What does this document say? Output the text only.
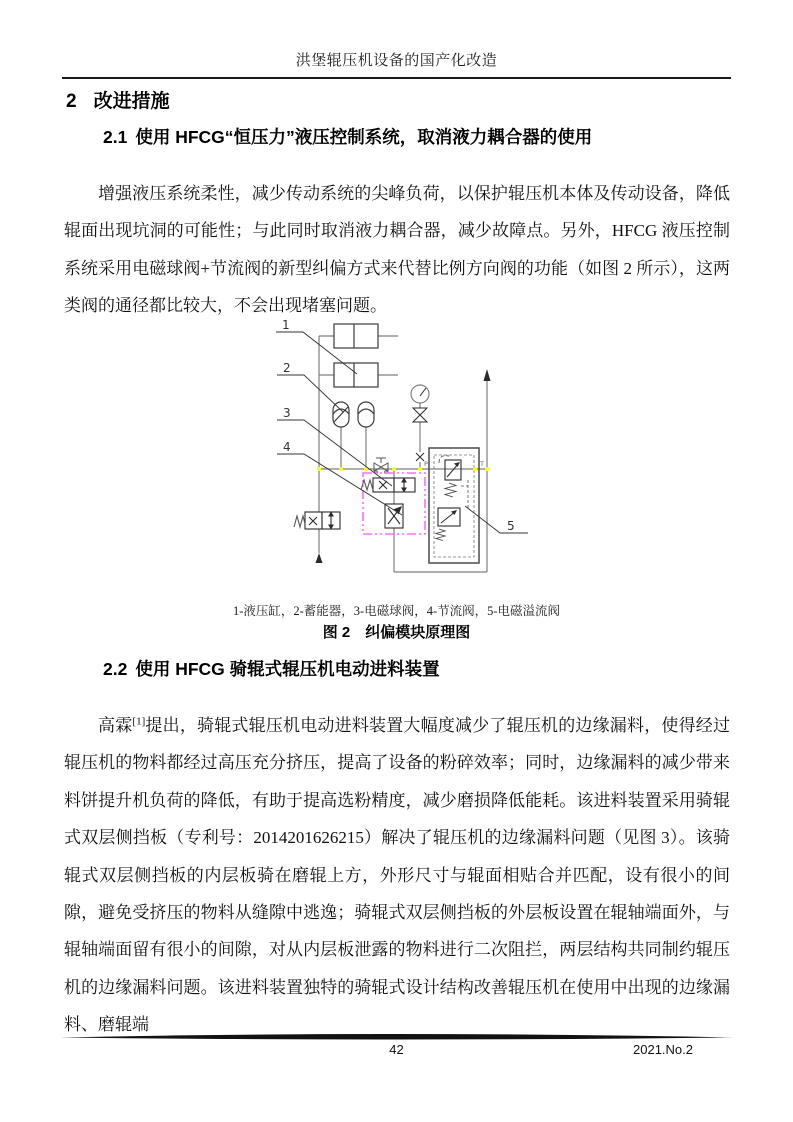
洪堡辊压机设备的国产化改造
2 改进措施
2.1 使用 HFCG“恒压力”液压控制系统，取消液力耦合器的使用

增强液压系统柔性，减少传动系统的尖峰负荷，以保护辊压机本体及传动设备，降低辊面出现坑洞的可能性；与此同时取消液力耦合器，减少故障点。另外，HFCG 液压控制系统采用电磁球阀+节流阀的新型纠偏方式来代替比例方向阀的功能（如图 2 所示），这两类阀的通径都比较大，不会出现堵塞问题。

1
2
3
4
5
P	T
1-液压缸，2-蓄能器，3-电磁球阀，4-节流阀，5-电磁溢流阀
图 2　纠偏模块原理图
2.2 使用 HFCG 骑辊式辊压机电动进料装置

高霖[1]提出，骑辊式辊压机电动进料装置大幅度减少了辊压机的边缘漏料，使得经过辊压机的物料都经过高压充分挤压，提高了设备的粉碎效率；同时，边缘漏料的减少带来料饼提升机负荷的降低，有助于提高选粉精度，减少磨损降低能耗。该进料装置采用骑辊式双层侧挡板（专利号：2014201626215）解决了辊压机的边缘漏料问题（见图 3）。该骑辊式双层侧挡板的内层板骑在磨辊上方，外形尺寸与辊面相贴合并匹配，设有很小的间隙，避免受挤压的物料从缝隙中逃逸；骑辊式双层侧挡板的外层板设置在辊轴端面外，与辊轴端面留有很小的间隙，对从内层板泄露的物料进行二次阻拦，两层结构共同制约辊压机的边缘漏料问题。该进料装置独特的骑辊式设计结构改善辊压机在使用中出现的边缘漏料、磨辊端

42	2021.No.2
